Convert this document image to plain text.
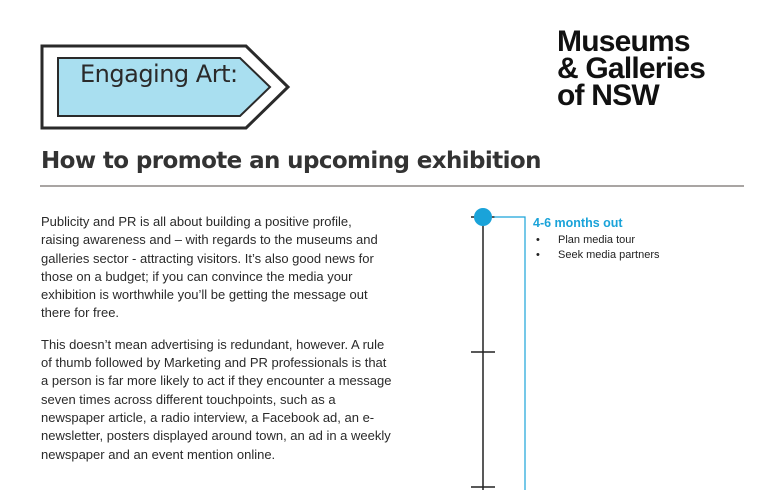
Engaging Art:
Museums
& Galleries
of NSW
How to promote an upcoming exhibition

Publicity and PR is all about building a positive profile, raising awareness and – with regards to the museums and galleries sector - attracting visitors. It’s also good news for those on a budget; if you can convince the media your exhibition is worthwhile you’ll be getting the message out there for free.

This doesn’t mean advertising is redundant, however. A rule of thumb followed by Marketing and PR professionals is that a person is far more likely to act if they encounter a message seven times across different touchpoints, such as a newspaper article, a radio interview, a Facebook ad, an e-newsletter, posters displayed around town, an ad in a weekly newspaper and an event mention online.

4-6 months out
• Plan media tour
• Seek media partners
